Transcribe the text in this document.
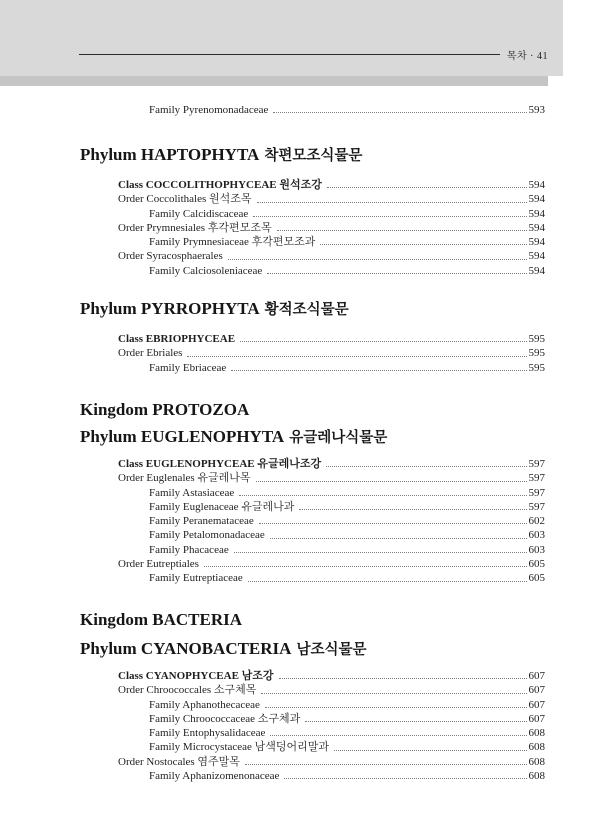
목차 · 41
Family Pyrenomonadaceae	593
Phylum HAPTOPHYTA 착편모조식물문
Class COCCOLITHOPHYCEAE 원석조강	594
Order Coccolithales 원석조목	594
Family Calcidiscaceae	594
Order Prymnesiales 후각편모조목	594
Family Prymnesiaceae 후각편모조과	594
Order Syracosphaerales	594
Family Calciosoleniaceae	594
Phylum PYRROPHYTA 황적조식물문
Class EBRIOPHYCEAE	595
Order Ebriales	595
Family Ebriaceae	595
Kingdom PROTOZOA
Phylum EUGLENOPHYTA 유글레나식물문
Class EUGLENOPHYCEAE 유글레나조강	597
Order Euglenales 유글레나목	597
Family Astasiaceae	597
Family Euglenaceae 유글레나과	597
Family Peranemataceae	602
Family Petalomonadaceae	603
Family Phacaceae	603
Order Eutreptiales	605
Family Eutreptiaceae	605
Kingdom BACTERIA
Phylum CYANOBACTERIA 남조식물문
Class CYANOPHYCEAE 남조강	607
Order Chroococcales 소구체목	607
Family Aphanothecaceae	607
Family Chroococcaceae 소구체과	607
Family Entophysalidaceae	608
Family Microcystaceae 남색덩어리말과	608
Order Nostocales 염주말목	608
Family Aphanizomenonaceae	608
